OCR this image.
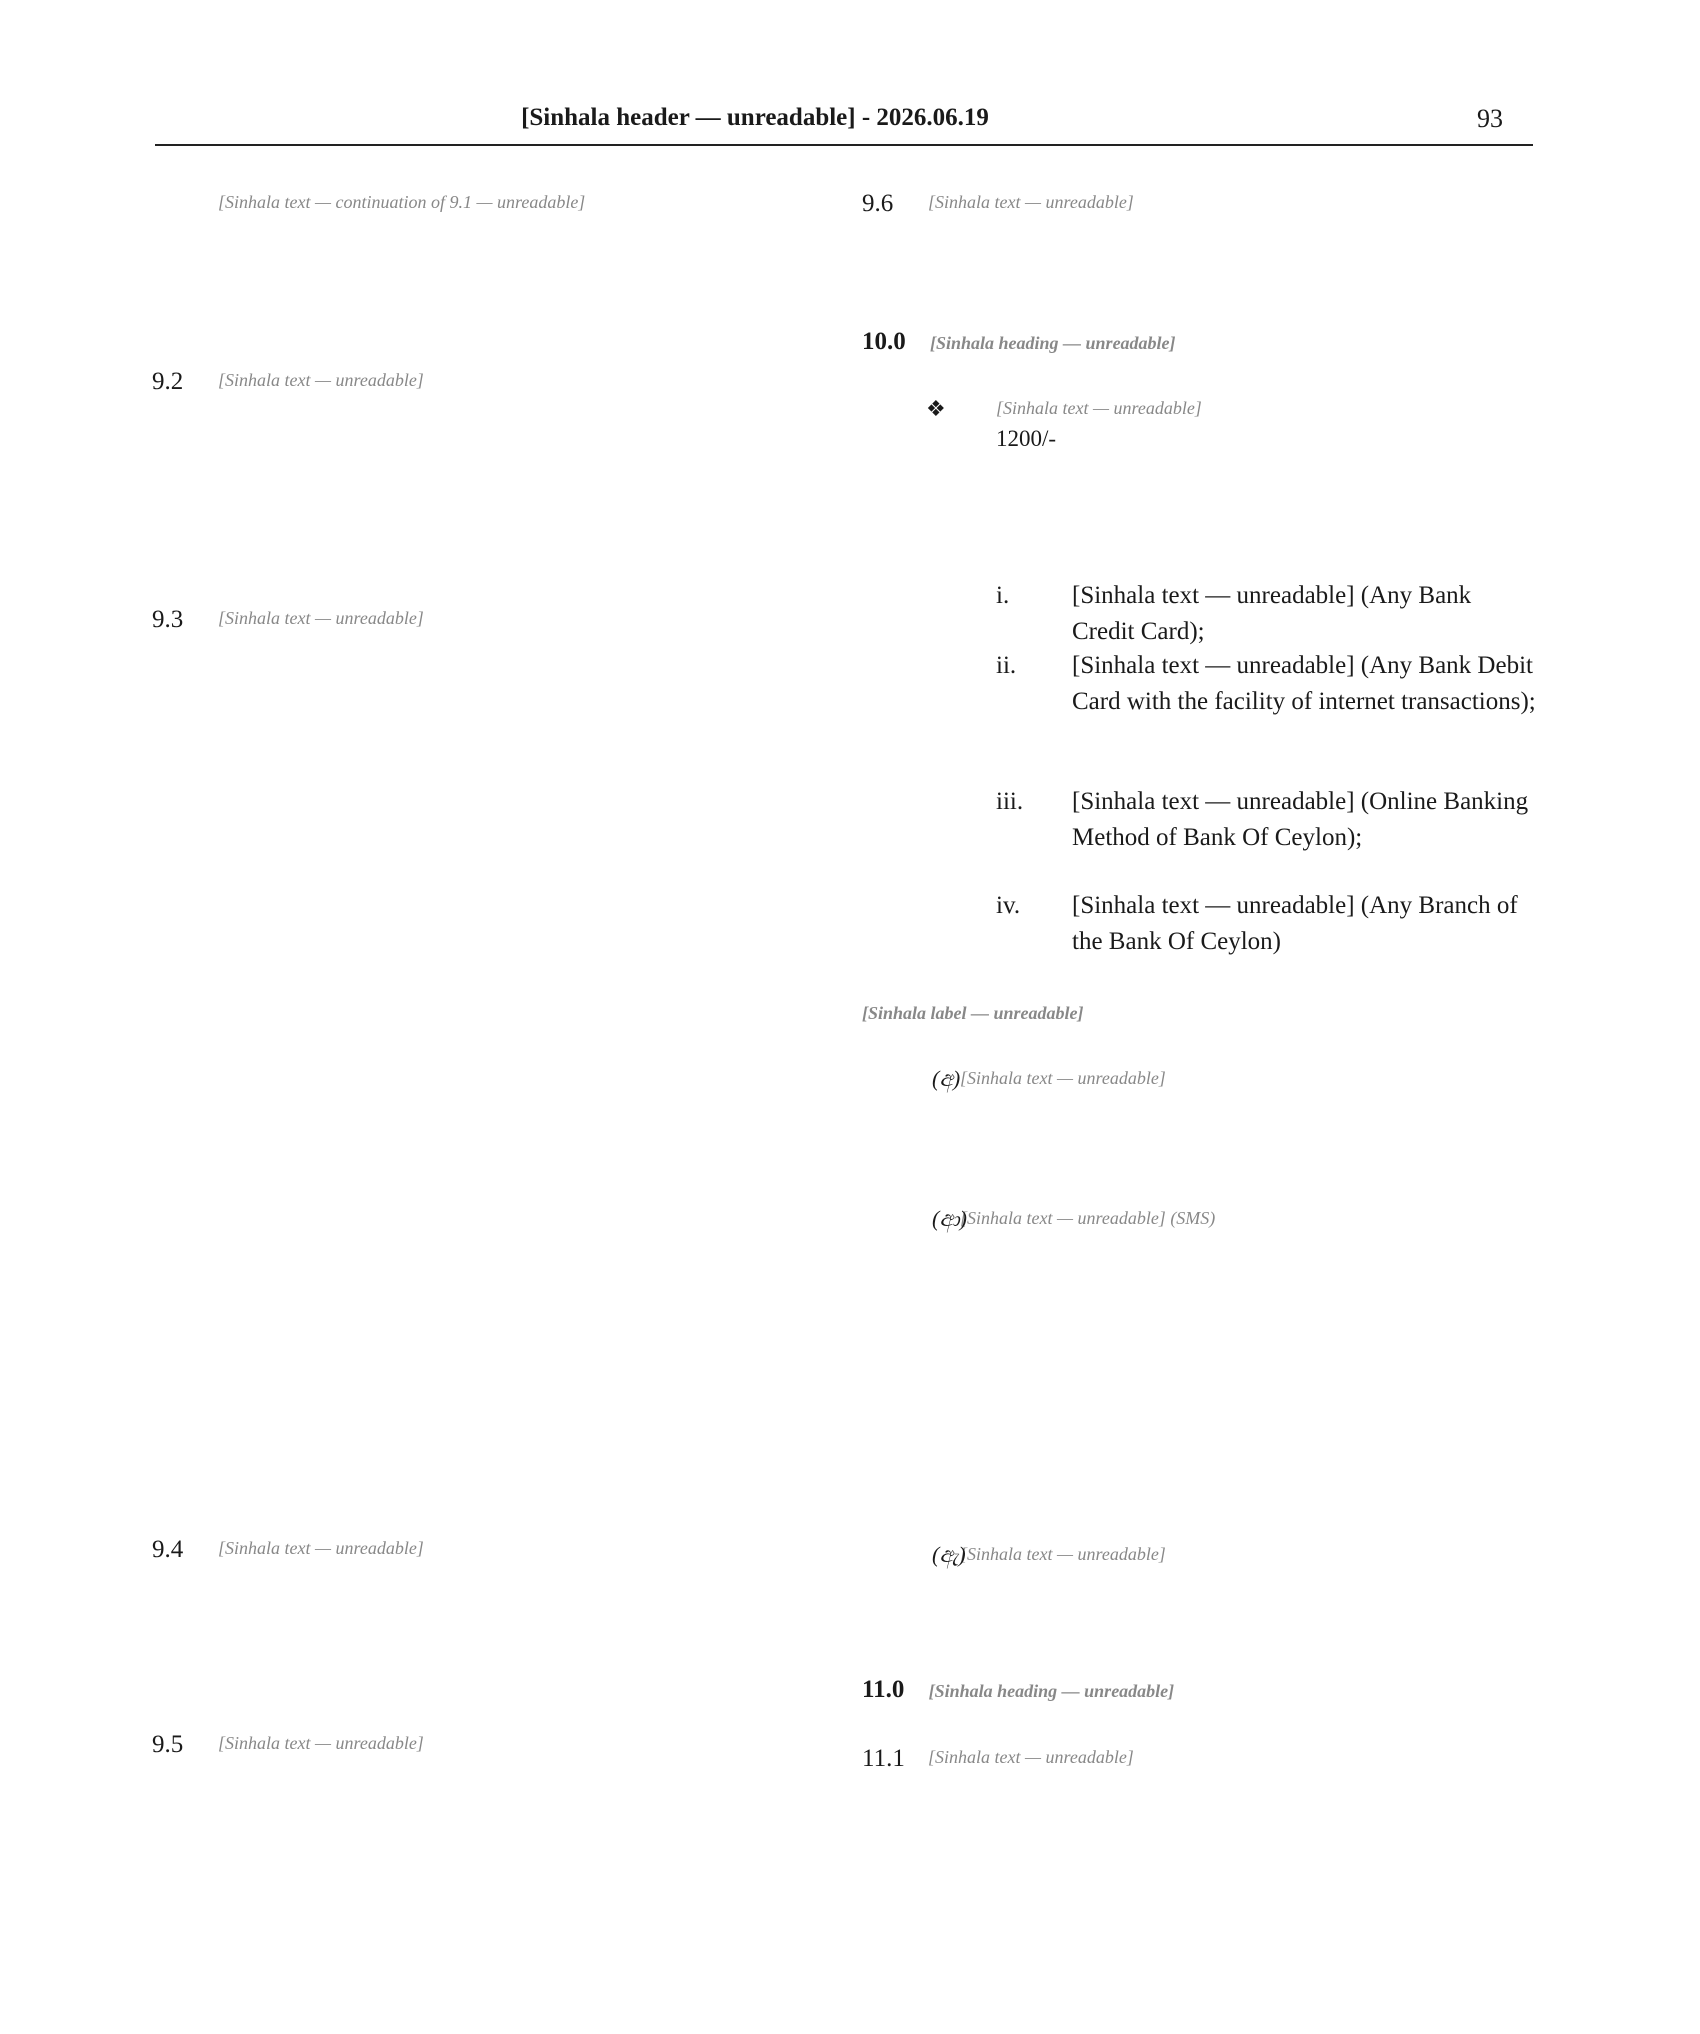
[Sinhala header — unreadable] - 2026.06.19	93
[Sinhala text — continuation of 9.1 — unreadable]
9.2 [Sinhala text — unreadable]
9.3 [Sinhala text — unreadable]
9.4 [Sinhala text — unreadable]
9.5 [Sinhala text — unreadable]
9.6 [Sinhala text — unreadable]
10.0 [Sinhala heading — unreadable]
❖	[Sinhala text — unreadable]
1200/-
i.	[Sinhala text — unreadable] (Any Bank Credit Card);
ii. [Sinhala text — unreadable] (Any Bank Debit Card with the facility of internet transactions);
iii. [Sinhala text — unreadable] (Online Banking Method of Bank Of Ceylon);
iv. [Sinhala text — unreadable] (Any Branch of the Bank Of Ceylon)
[Sinhala label — unreadable]
(අ) [Sinhala text — unreadable]
(ආ)
[Sinhala text — unreadable] (SMS)
(ඇ)
[Sinhala text — unreadable]
11.0 [Sinhala heading — unreadable]
11.1 [Sinhala text — unreadable]
